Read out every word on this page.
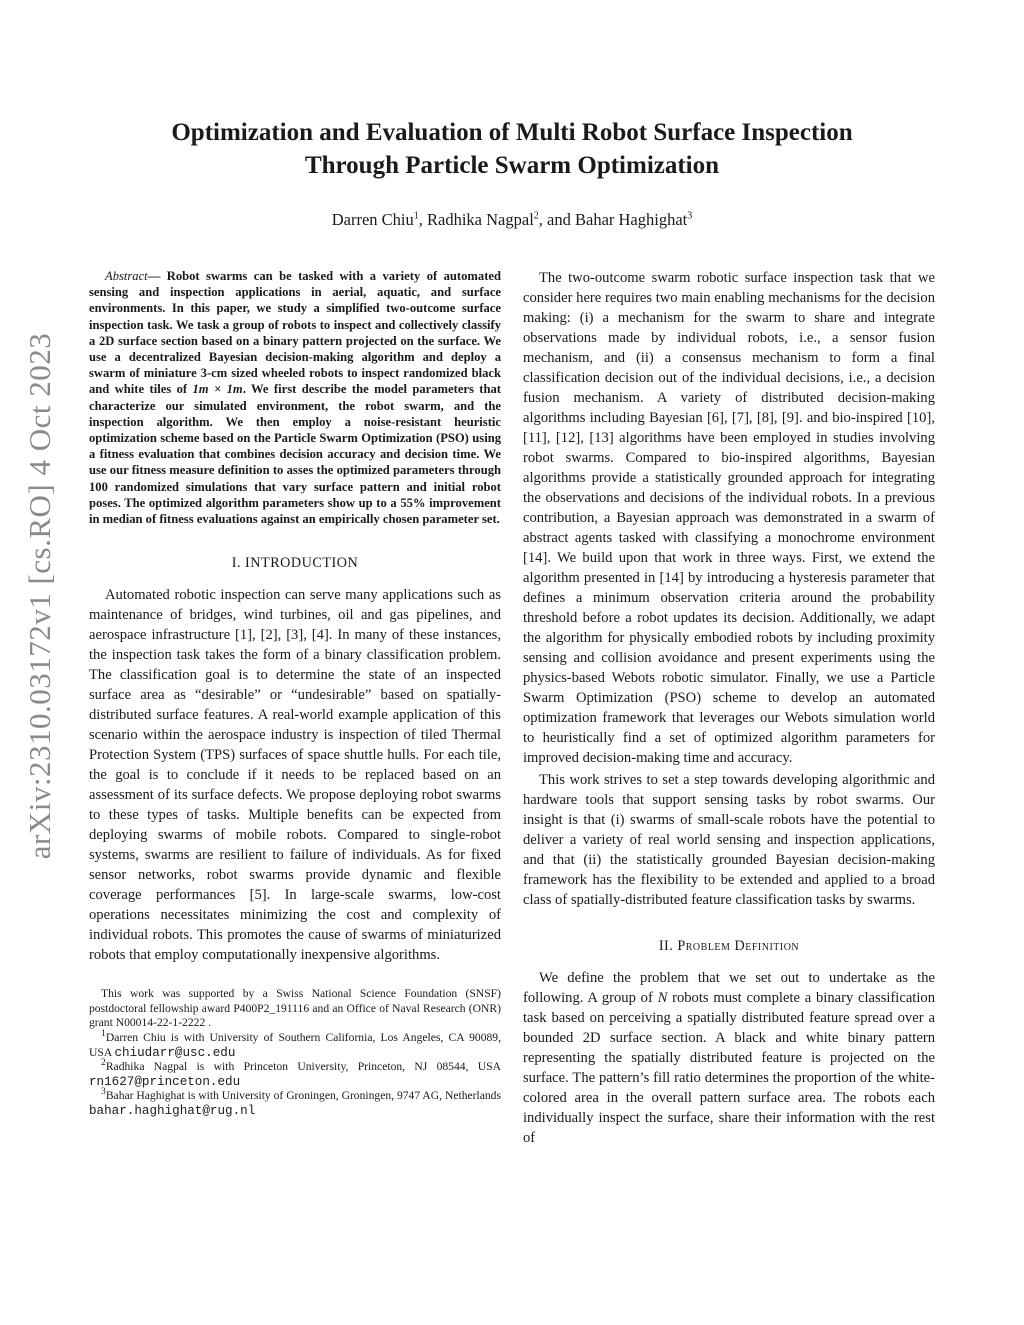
arXiv:2310.03172v1 [cs.RO] 4 Oct 2023
Optimization and Evaluation of Multi Robot Surface Inspection
Through Particle Swarm Optimization
Darren Chiu$^1$, Radhika Nagpal$^2$, and Bahar Haghighat$^3$

Abstract— Robot swarms can be tasked with a variety of automated sensing and inspection applications in aerial, aquatic, and surface environments. In this paper, we study a simplified two-outcome surface inspection task. We task a group of robots to inspect and collectively classify a 2D surface section based on a binary pattern projected on the surface. We use a decentralized Bayesian decision-making algorithm and deploy a swarm of miniature 3-cm sized wheeled robots to inspect randomized black and white tiles of 1m × 1m. We first describe the model parameters that characterize our simulated environment, the robot swarm, and the inspection algorithm. We then employ a noise-resistant heuristic optimization scheme based on the Particle Swarm Optimization (PSO) using a fitness evaluation that combines decision accuracy and decision time. We use our fitness measure definition to asses the optimized parameters through 100 randomized simulations that vary surface pattern and initial robot poses. The optimized algorithm parameters show up to a 55% improvement in median of fitness evaluations against an empirically chosen parameter set.

I. INTRODUCTION

Automated robotic inspection can serve many applications such as maintenance of bridges, wind turbines, oil and gas pipelines, and aerospace infrastructure [1], [2], [3], [4]. In many of these instances, the inspection task takes the form of a binary classification problem. The classification goal is to determine the state of an inspected surface area as “desirable” or “undesirable” based on spatially-distributed surface features. A real-world example application of this scenario within the aerospace industry is inspection of tiled Thermal Protection System (TPS) surfaces of space shuttle hulls. For each tile, the goal is to conclude if it needs to be replaced based on an assessment of its surface defects. We propose deploying robot swarms to these types of tasks. Multiple benefits can be expected from deploying swarms of mobile robots. Compared to single-robot systems, swarms are resilient to failure of individuals. As for fixed sensor networks, robot swarms provide dynamic and flexible coverage performances [5]. In large-scale swarms, low-cost operations necessitates minimizing the cost and complexity of individual robots. This promotes the cause of swarms of miniaturized robots that employ computationally inexpensive algorithms.

This work was supported by a Swiss National Science Foundation (SNSF) postdoctoral fellowship award P400P2_191116 and an Office of Naval Research (ONR) grant N00014-22-1-2222 .

$^1$Darren Chiu is with University of Southern California, Los Angeles, CA 90089, USA chiudarr@usc.edu

$^2$Radhika Nagpal is with Princeton University, Princeton, NJ 08544, USA rn1627@princeton.edu

$^3$Bahar Haghighat is with University of Groningen, Groningen, 9747 AG, Netherlands bahar.haghighat@rug.nl

The two-outcome swarm robotic surface inspection task that we consider here requires two main enabling mechanisms for the decision making: (i) a mechanism for the swarm to share and integrate observations made by individual robots, i.e., a sensor fusion mechanism, and (ii) a consensus mechanism to form a final classification decision out of the individual decisions, i.e., a decision fusion mechanism. A variety of distributed decision-making algorithms including Bayesian [6], [7], [8], [9]. and bio-inspired [10], [11], [12], [13] algorithms have been employed in studies involving robot swarms. Compared to bio-inspired algorithms, Bayesian algorithms provide a statistically grounded approach for integrating the observations and decisions of the individual robots. In a previous contribution, a Bayesian approach was demonstrated in a swarm of abstract agents tasked with classifying a monochrome environment [14]. We build upon that work in three ways. First, we extend the algorithm presented in [14] by introducing a hysteresis parameter that defines a minimum observation criteria around the probability threshold before a robot updates its decision. Additionally, we adapt the algorithm for physically embodied robots by including proximity sensing and collision avoidance and present experiments using the physics-based Webots robotic simulator. Finally, we use a Particle Swarm Optimization (PSO) scheme to develop an automated optimization framework that leverages our Webots simulation world to heuristically find a set of optimized algorithm parameters for improved decision-making time and accuracy.

This work strives to set a step towards developing algorithmic and hardware tools that support sensing tasks by robot swarms. Our insight is that (i) swarms of small-scale robots have the potential to deliver a variety of real world sensing and inspection applications, and that (ii) the statistically grounded Bayesian decision-making framework has the flexibility to be extended and applied to a broad class of spatially-distributed feature classification tasks by swarms.

II. Problem Definition

We define the problem that we set out to undertake as the following. A group of N robots must complete a binary classification task based on perceiving a spatially distributed feature spread over a bounded 2D surface section. A black and white binary pattern representing the spatially distributed feature is projected on the surface. The pattern’s fill ratio determines the proportion of the white-colored area in the overall pattern surface area. The robots each individually inspect the surface, share their information with the rest of
